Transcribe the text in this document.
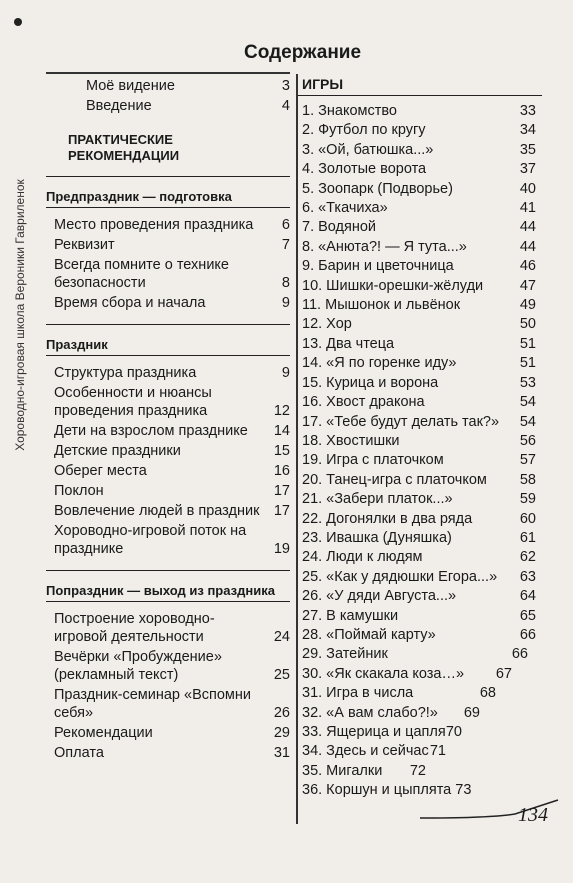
Хороводно-игровая школа Вероники Гавриленок
Содержание
Моё видение	3
Введение	4
ПРАКТИЧЕСКИЕ
РЕКОМЕНДАЦИИ
Предпраздник — подготовка
Место проведения праздника 6
Реквизит	7
Всегда помните о технике безопасности	8
Время сбора и начала	9
Праздник
Структура праздника	9
Особенности и нюансы проведения праздника	12
Дети на взрослом празднике 14
Детские праздники	15
Оберег места	16
Поклон	17
Вовлечение людей в праздник 17
Хороводно-игровой поток на празднике	19
Попраздник — выход из праздника
Построение хороводно-игровой деятельности	24
Вечёрки «Пробуждение» (рекламный текст)	25
Праздник-семинар «Вспомни себя»	26
Рекомендации	29
Оплата	31
ИГРЫ
1. Знакомство	33
2. Футбол по кругу	34
3. «Ой, батюшка...»	35
4. Золотые ворота	37
5. Зоопарк (Подворье)	40
6. «Ткачиха»	41
7. Водяной	44
8. «Анюта?! — Я тута...»	44
9. Барин и цветочница	46
10. Шишки-орешки-жёлуди	47
11. Мышонок и львёнок	49
12. Хор	50
13. Два чтеца	51
14. «Я по горенке иду»	51
15. Курица и ворона	53
16. Хвост дракона	54
17. «Тебе будут делать так?» 54
18. Хвостишки	56
19. Игра с платочком	57
20. Танец-игра с платочком 58
21. «Забери платок...»	59
22. Догонялки в два ряда	60
23. Ивашка (Дуняшка)	61
24. Люди к людям	62
25. «Как у дядюшки Егора...» 63
26. «У дяди Августа...»	64
27. В камушки	65
28. «Поймай карту»	66
29. Затейник	66
30. «Як скакала коза…» 67
31. Игра в числа	68
32. «А вам слабо?!» 69
33. Ящерица и цапля 70
34. Здесь и сейчас 71
35. Мигалки 72
36. Коршун и цыплята 73
134
